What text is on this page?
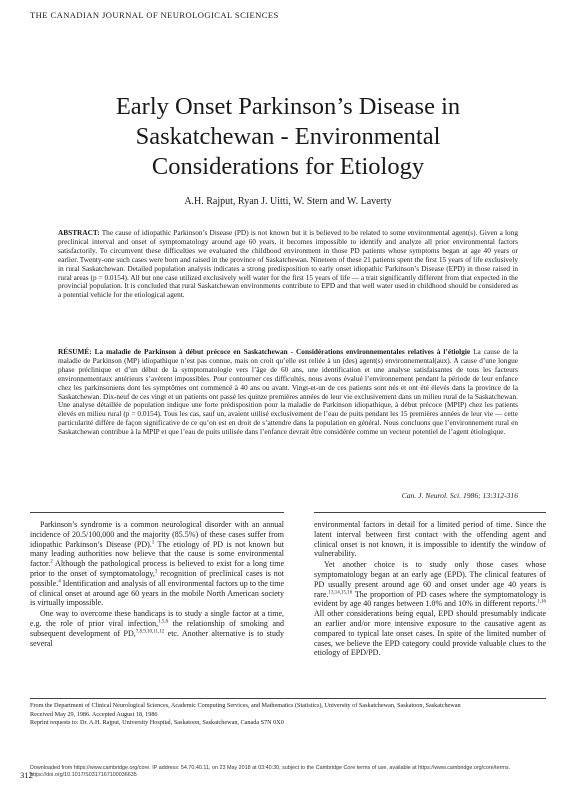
THE CANADIAN JOURNAL OF NEUROLOGICAL SCIENCES
Early Onset Parkinson’s Disease in
Saskatchewan - Environmental
Considerations for Etiology
A.H. Rajput, Ryan J. Uitti, W. Stern and W. Laverty
ABSTRACT: The cause of idiopathic Parkinson’s Disease (PD) is not known but it is believed to be related to some environmental agent(s). Given a long preclinical interval and onset of symptomatology around age 60 years, it becomes impossible to identify and analyze all prior environmental factors satisfactorily. To circumvent these difficulties we evaluated the childhood environment in those PD patients whose symptoms began at age 40 years or earlier. Twenty-one such cases were born and raised in the province of Saskatchewan. Nineteen of these 21 patients spent the first 15 years of life exclusively in rural Saskatchewan. Detailed population analysis indicates a strong predisposition to early onset idiopathic Parkinson’s Disease (EPD) in those raised in rural areas (p = 0.0154). All but one case utilized exclusively well water for the first 15 years of life — a trait significantly different from that expected in the provincial population. It is concluded that rural Saskatchewan environments contribute to EPD and that well water used in childhood should be considered as a potential vehicle for the etiological agent.
RÉSUMÉ: La maladie de Parkinson à début précoce en Saskatchewan - Considérations environnementales relatives à l’étiolgie La cause de la maladie de Parkinson (MP) idiopathique n’est pas connue, mais on croit qu’elle est reliée à un (des) agent(s) environnemental(aux). A cause d’une longue phase préclinique et d’un début de la symptomatologie vers l’âge de 60 ans, une identification et une analyse satisfaisantes de tous les facteurs environnementaux antérieurs s’avèrent impossibles. Pour contourner ces difficultés, nous avons évalué l’environnement pendant la période de leur enfance chez les parkinsoniens dont les symptômes ont commencé à 40 ans ou avant. Vingt-et-un de ces patients sont nés et ont été élevés dans la province de la Saskatchewan. Dix-neuf de ces vingt et un patients ont passé les quinze premières années de leur vie exclusivement dans un milieu rural de la Saskatchewan. Une analyse détaillée de population indique une forte prédisposition pour la maladie de Parkinson idiopathique, à début précoce (MPIP) chez les patients élevés en milieu rural (p = 0.0154). Tous les cas, sauf un, avaient utilisé exclusivement de l’eau de puits pendant les 15 premières années de leur vie — cette particularité diffère de façon significative de ce qu’on est en droit de s’attendre dans la population en général. Nous concluons que l’environnement rural en Saskatchewan contribue à la MPIP et que l’eau de puits utilisée dans l’enfance devrait être considérée comme un vecteur potentiel de l’agent étiologique.
Can. J. Neurol. Sci. 1986; 13:312-316

Parkinson’s syndrome is a common neurological disorder with an annual incidence of 20.5/100,000 and the majority (85.5%) of these cases suffer from idiopathic Parkinson’s Disease (PD).$^1$ The etiology of PD is not known but many leading authorities now believe that the cause is some environmental factor.$^2$ Although the pathological process is believed to exist for a long time prior to the onset of symptomatology,$^3$ recognition of preclinical cases is not possible.$^4$ Identification and analysis of all environmental factors up to the time of clinical onset at around age 60 years in the mobile North American society is virtually impossible.

One way to overcome these handicaps is to study a single factor at a time, e.g. the role of prior viral infection,$^{1,5,6}$ the relationship of smoking and subsequent development of PD,$^{7,8,9,10,11,12}$ etc. Another alternative is to study several

environmental factors in detail for a limited period of time. Since the latent interval between first contact with the offending agent and clinical onset is not known, it is impossible to identify the window of vulnerability.

Yet another choice is to study only those cases whose symptomatology began at an early age (EPD). The clinical features of PD usually present around age 60 and onset under age 40 years is rare.$^{13,14,15,16}$ The proportion of PD cases where the symptomatology is evident by age 40 ranges between 1.0% and 10% in different reports.$^{1,16}$ All other considerations being equal, EPD should presumably indicate an earlier and/or more intensive exposure to the causative agent as compared to typical late onset cases. In spite of the limited number of cases, we believe the EPD category could provide valuable clues to the etiology of EPD/PD.

From the Department of Clinical Neurological Sciences, Academic Computing Services, and Mathematics (Statistics), University of Saskatchewan, Saskatoon, Saskatchewan
Received May 29, 1986. Accepted August 18, 1986
Reprint requests to: Dr. A.H. Rajput, University Hospital, Saskatoon, Saskatchewan, Canada S7N 0X0
Downloaded from https://www.cambridge.org/core. IP address: 54.70.40.11, on 23 May 2018 at 03:40:30, subject to the Cambridge Core terms of use, available at https://www.cambridge.org/core/terms. https://doi.org/10.1017/S0317167100036635
312
